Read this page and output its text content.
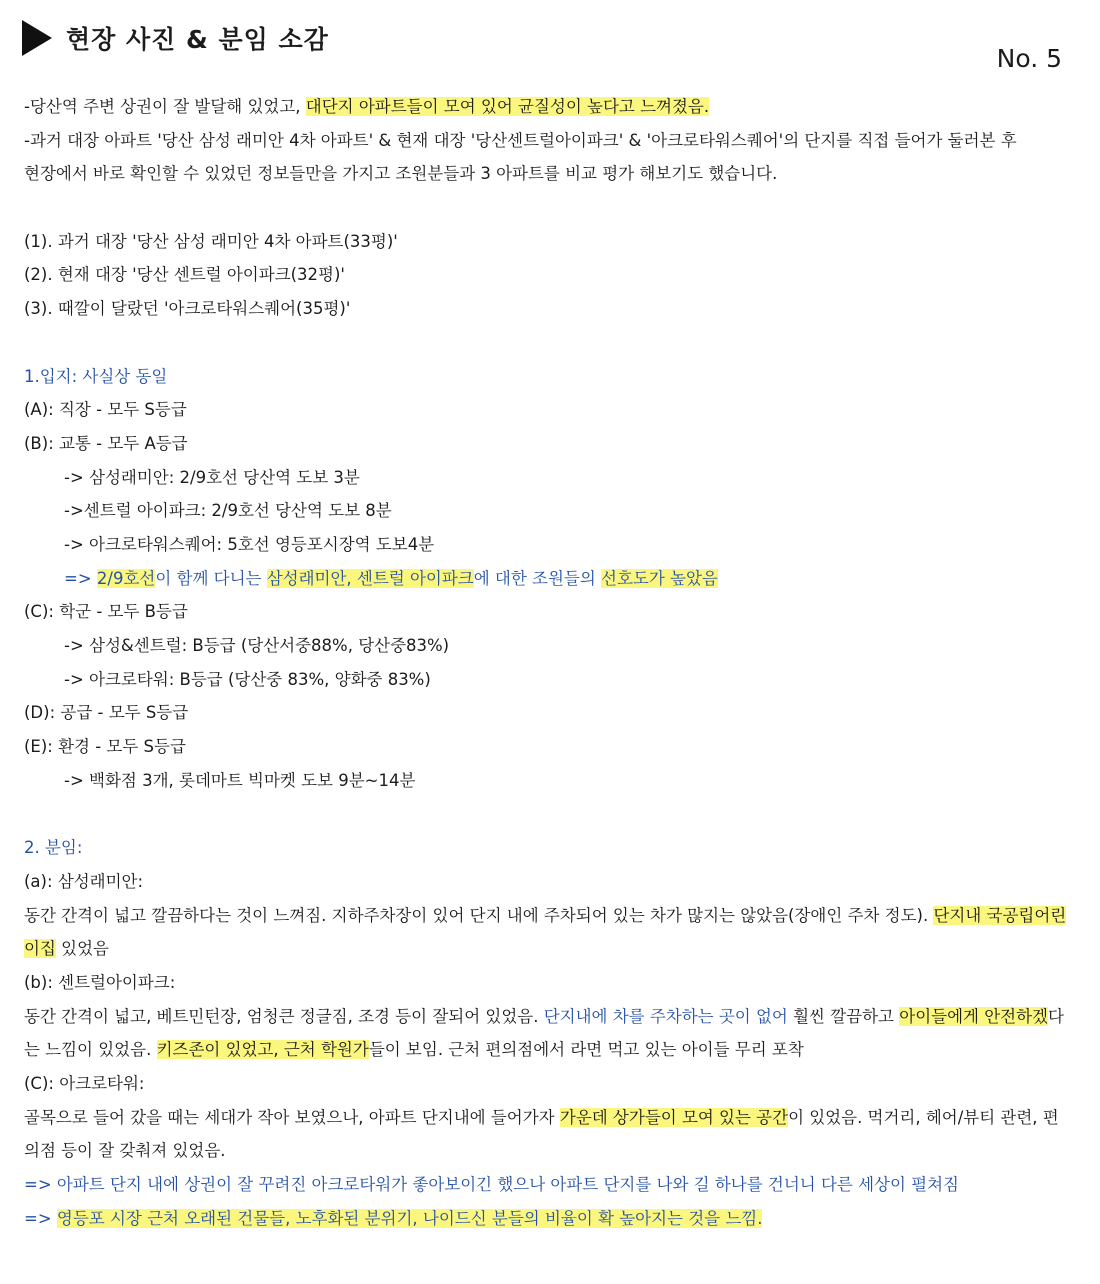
현장 사진 & 분임 소감
No. 5
-당산역 주변 상권이 잘 발달해 있었고, 대단지 아파트들이 모여 있어 균질성이 높다고 느껴졌음.
-과거 대장 아파트 '당산 삼성 래미안 4차 아파트' & 현재 대장 '당산센트럴아이파크' & '아크로타워스퀘어'의 단지를 직접 들어가 둘러본 후
현장에서 바로 확인할 수 있었던 정보들만을 가지고 조원분들과 3 아파트를 비교 평가 해보기도 했습니다.
(1). 과거 대장 '당산 삼성 래미안 4차 아파트(33평)'
(2). 현재 대장 '당산 센트럴 아이파크(32평)'
(3). 때깔이 달랐던 '아크로타워스퀘어(35평)'
1.입지: 사실상 동일
(A): 직장 - 모두 S등급
(B): 교통 - 모두 A등급
-> 삼성래미안: 2/9호선 당산역 도보 3분
->센트럴 아이파크: 2/9호선 당산역 도보 8분
-> 아크로타워스퀘어: 5호선 영등포시장역 도보4분
=> 2/9호선이 함께 다니는 삼성래미안, 센트럴 아이파크에 대한 조원들의 선호도가 높았음
(C): 학군 - 모두 B등급
-> 삼성&센트럴: B등급 (당산서중88%, 당산중83%)
-> 아크로타워: B등급 (당산중 83%, 양화중 83%)
(D): 공급 - 모두 S등급
(E): 환경 - 모두 S등급
-> 백화점 3개, 롯데마트 빅마켓 도보 9분~14분
2. 분임:
(a): 삼성래미안:
동간 간격이 넓고 깔끔하다는 것이 느껴짐. 지하주차장이 있어 단지 내에 주차되어 있는 차가 많지는 않았음(장애인 주차 정도). 단지내 국공립어린
이집 있었음
(b): 센트럴아이파크:
동간 간격이 넓고, 베트민턴장, 엄청큰 정글짐, 조경 등이 잘되어 있었음. 단지내에 차를 주차하는 곳이 없어 훨씬 깔끔하고 아이들에게 안전하겠다
는 느낌이 있었음. 키즈존이 있었고, 근처 학원가들이 보임. 근처 편의점에서 라면 먹고 있는 아이들 무리 포착
(C): 아크로타워:
골목으로 들어 갔을 때는 세대가 작아 보였으나, 아파트 단지내에 들어가자 가운데 상가들이 모여 있는 공간이 있었음. 먹거리, 헤어/뷰티 관련, 편
의점 등이 잘 갖춰져 있었음.
=> 아파트 단지 내에 상권이 잘 꾸려진 아크로타워가 좋아보이긴 했으나 아파트 단지를 나와 길 하나를 건너니 다른 세상이 펼쳐짐
=> 영등포 시장 근처 오래된 건물들, 노후화된 분위기, 나이드신 분들의 비율이 확 높아지는 것을 느낌.
